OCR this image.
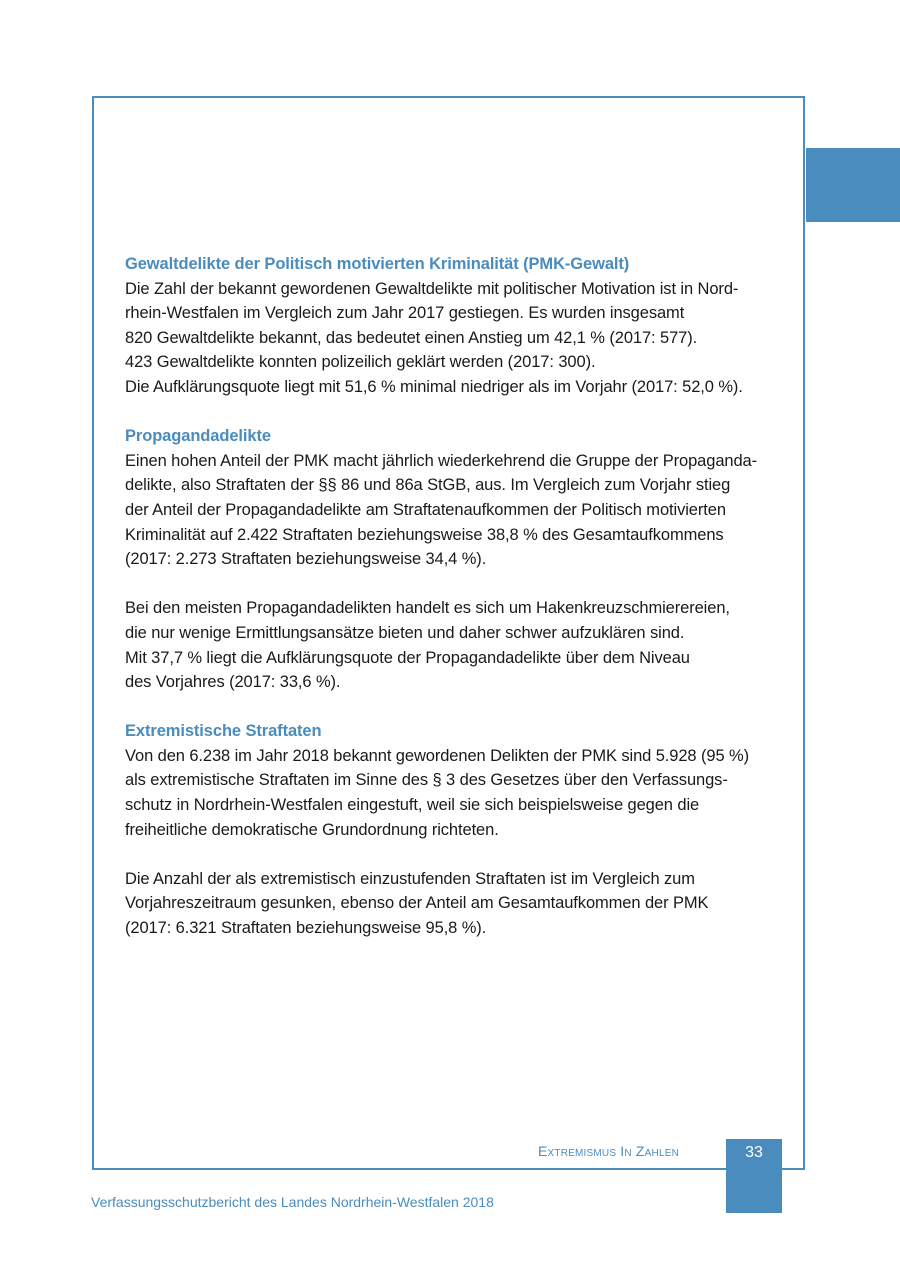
Gewaltdelikte der Politisch motivierten Kriminalität (PMK-Gewalt)

Die Zahl der bekannt gewordenen Gewaltdelikte mit politischer Motivation ist in Nord-

rhein-Westfalen im Vergleich zum Jahr 2017 gestiegen. Es wurden insgesamt

820 Gewaltdelikte bekannt, das bedeutet einen Anstieg um 42,1 % (2017: 577).

423 Gewaltdelikte konnten polizeilich geklärt werden (2017: 300).

Die Aufklärungsquote liegt mit 51,6 % minimal niedriger als im Vorjahr (2017: 52,0 %).

Propagandadelikte

Einen hohen Anteil der PMK macht jährlich wiederkehrend die Gruppe der Propaganda-

delikte, also Straftaten der §§ 86 und 86a StGB, aus. Im Vergleich zum Vorjahr stieg

der Anteil der Propagandadelikte am Straftatenaufkommen der Politisch motivierten

Kriminalität auf 2.422 Straftaten beziehungsweise 38,8 % des Gesamtaufkommens

(2017: 2.273 Straftaten beziehungsweise 34,4 %).

Bei den meisten Propagandadelikten handelt es sich um Hakenkreuzschmierereien,

die nur wenige Ermittlungsansätze bieten und daher schwer aufzuklären sind.

Mit 37,7 % liegt die Aufklärungsquote der Propagandadelikte über dem Niveau

des Vorjahres (2017: 33,6 %).

Extremistische Straftaten

Von den 6.238 im Jahr 2018 bekannt gewordenen Delikten der PMK sind 5.928 (95 %)

als extremistische Straftaten im Sinne des § 3 des Gesetzes über den Verfassungs-

schutz in Nordrhein-Westfalen eingestuft, weil sie sich beispielsweise gegen die

freiheitliche demokratische Grundordnung richteten.

Die Anzahl der als extremistisch einzustufenden Straftaten ist im Vergleich zum

Vorjahreszeitraum gesunken, ebenso der Anteil am Gesamtaufkommen der PMK

(2017: 6.321 Straftaten beziehungsweise 95,8 %).

Extremismus In Zahlen	33
Verfassungsschutzbericht des Landes Nordrhein-Westfalen 2018
